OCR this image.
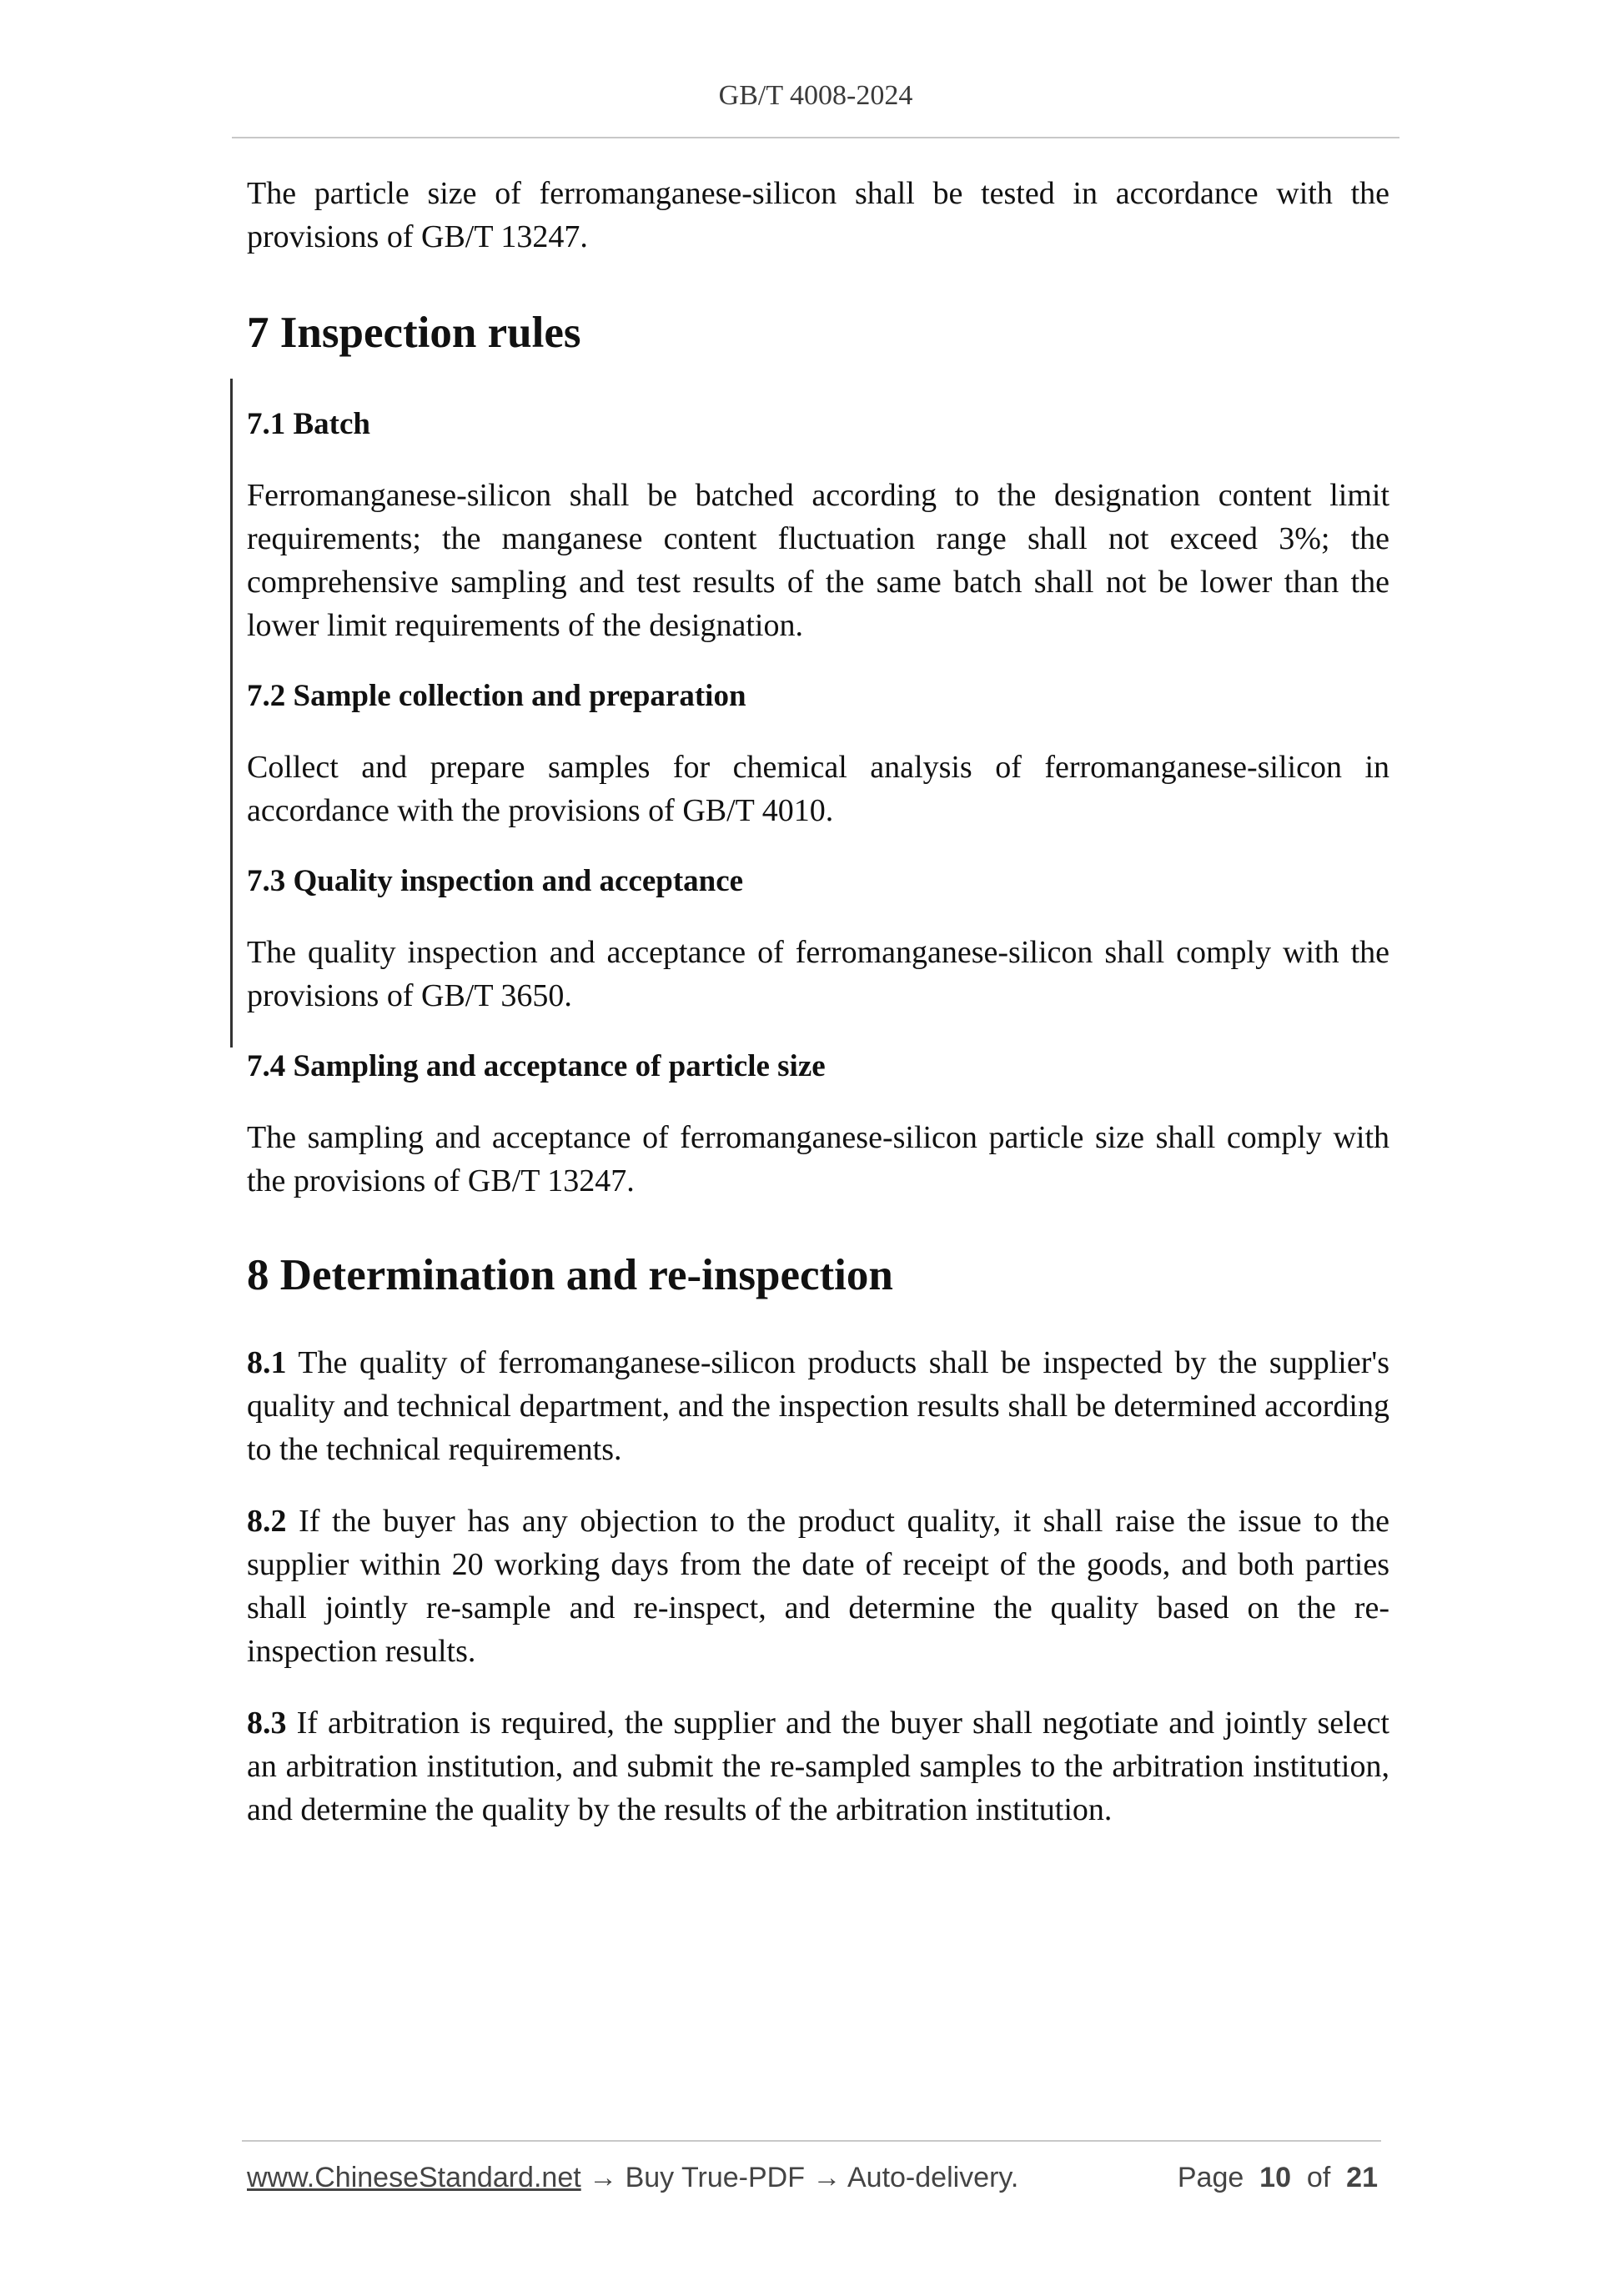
GB/T 4008-2024

The particle size of ferromanganese-silicon shall be tested in accordance with the provisions of GB/T 13247.

7 Inspection rules
7.1 Batch

Ferromanganese-silicon shall be batched according to the designation content limit requirements; the manganese content fluctuation range shall not exceed 3%; the comprehensive sampling and test results of the same batch shall not be lower than the lower limit requirements of the designation.

7.2 Sample collection and preparation

Collect and prepare samples for chemical analysis of ferromanganese-silicon in accordance with the provisions of GB/T 4010.

7.3 Quality inspection and acceptance

The quality inspection and acceptance of ferromanganese-silicon shall comply with the provisions of GB/T 3650.

7.4 Sampling and acceptance of particle size

The sampling and acceptance of ferromanganese-silicon particle size shall comply with the provisions of GB/T 13247.

8 Determination and re-inspection

8.1 The quality of ferromanganese-silicon products shall be inspected by the supplier's quality and technical department, and the inspection results shall be determined according to the technical requirements.

8.2 If the buyer has any objection to the product quality, it shall raise the issue to the supplier within 20 working days from the date of receipt of the goods, and both parties shall jointly re-sample and re-inspect, and determine the quality based on the re-inspection results.

8.3 If arbitration is required, the supplier and the buyer shall negotiate and jointly select an arbitration institution, and submit the re-sampled samples to the arbitration institution, and determine the quality by the results of the arbitration institution.

www.ChineseStandard.net → Buy True-PDF → Auto-delivery.	Page 10 of 21
